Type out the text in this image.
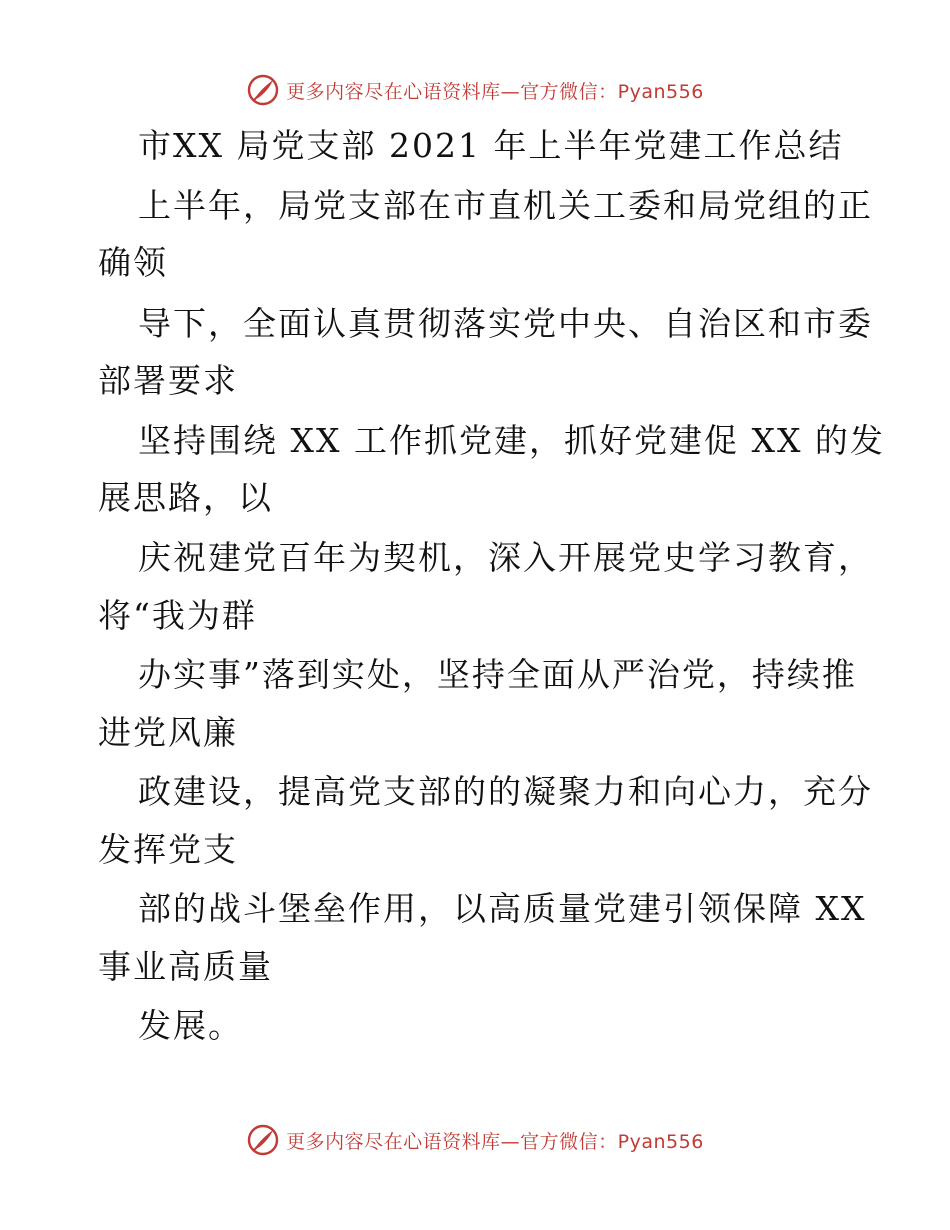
更多内容尽在心语资料库—官方微信：Pyan556
市XX 局党支部 2021 年上半年党建工作总结
上半年，局党支部在市直机关工委和局党组的正
确领
导下，全面认真贯彻落实党中央、自治区和市委
部署要求
坚持围绕 XX 工作抓党建，抓好党建促 XX 的发
展思路，以
庆祝建党百年为契机，深入开展党史学习教育，
将“我为群
办实事”落到实处，坚持全面从严治党，持续推
进党风廉
政建设，提高党支部的的凝聚力和向心力，充分
发挥党支
部的战斗堡垒作用，以高质量党建引领保障 XX
事业高质量
发展。
更多内容尽在心语资料库—官方微信：Pyan556
